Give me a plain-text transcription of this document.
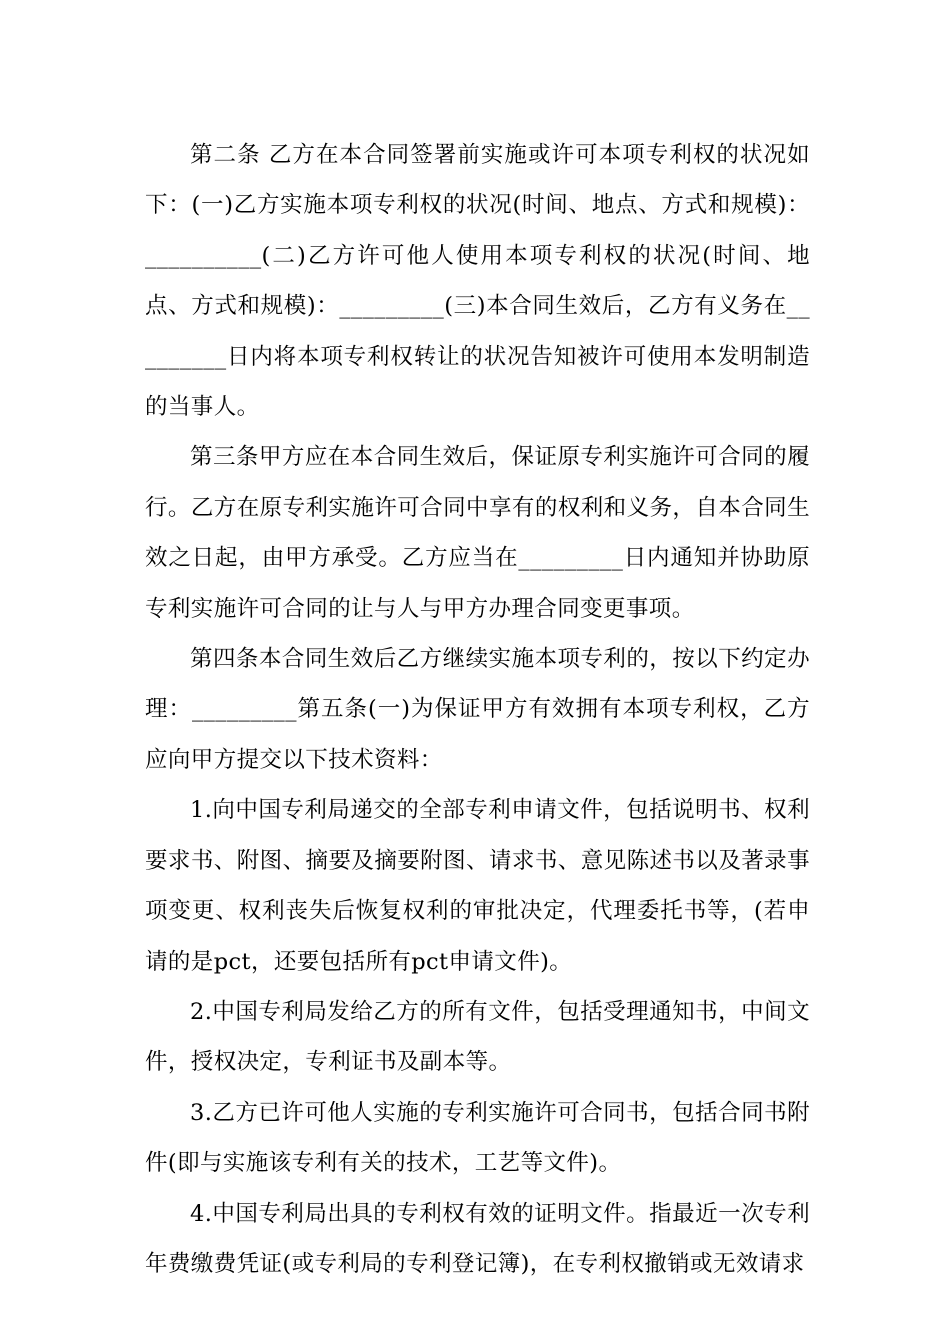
第二条 乙方在本合同签署前实施或许可本项专利权的状况如下：(一)乙方实施本项专利权的状况(时间、地点、方式和规模)：__________(二)乙方许可他人使用本项专利权的状况(时间、地点、方式和规模)：_________(三)本合同生效后，乙方有义务在_________日内将本项专利权转让的状况告知被许可使用本发明制造的当事人。

第三条甲方应在本合同生效后，保证原专利实施许可合同的履行。乙方在原专利实施许可合同中享有的权利和义务，自本合同生效之日起，由甲方承受。乙方应当在_________日内通知并协助原专利实施许可合同的让与人与甲方办理合同变更事项。

第四条本合同生效后乙方继续实施本项专利的，按以下约定办理：_________第五条(一)为保证甲方有效拥有本项专利权，乙方应向甲方提交以下技术资料：

1.向中国专利局递交的全部专利申请文件，包括说明书、权利要求书、附图、摘要及摘要附图、请求书、意见陈述书以及著录事项变更、权利丧失后恢复权利的审批决定，代理委托书等，(若申请的是pct，还要包括所有pct申请文件)。

2.中国专利局发给乙方的所有文件，包括受理通知书，中间文件，授权决定，专利证书及副本等。

3.乙方已许可他人实施的专利实施许可合同书，包括合同书附件(即与实施该专利有关的技术，工艺等文件)。

4.中国专利局出具的专利权有效的证明文件。指最近一次专利年费缴费凭证(或专利局的专利登记簿)，在专利权撤销或无效请求
